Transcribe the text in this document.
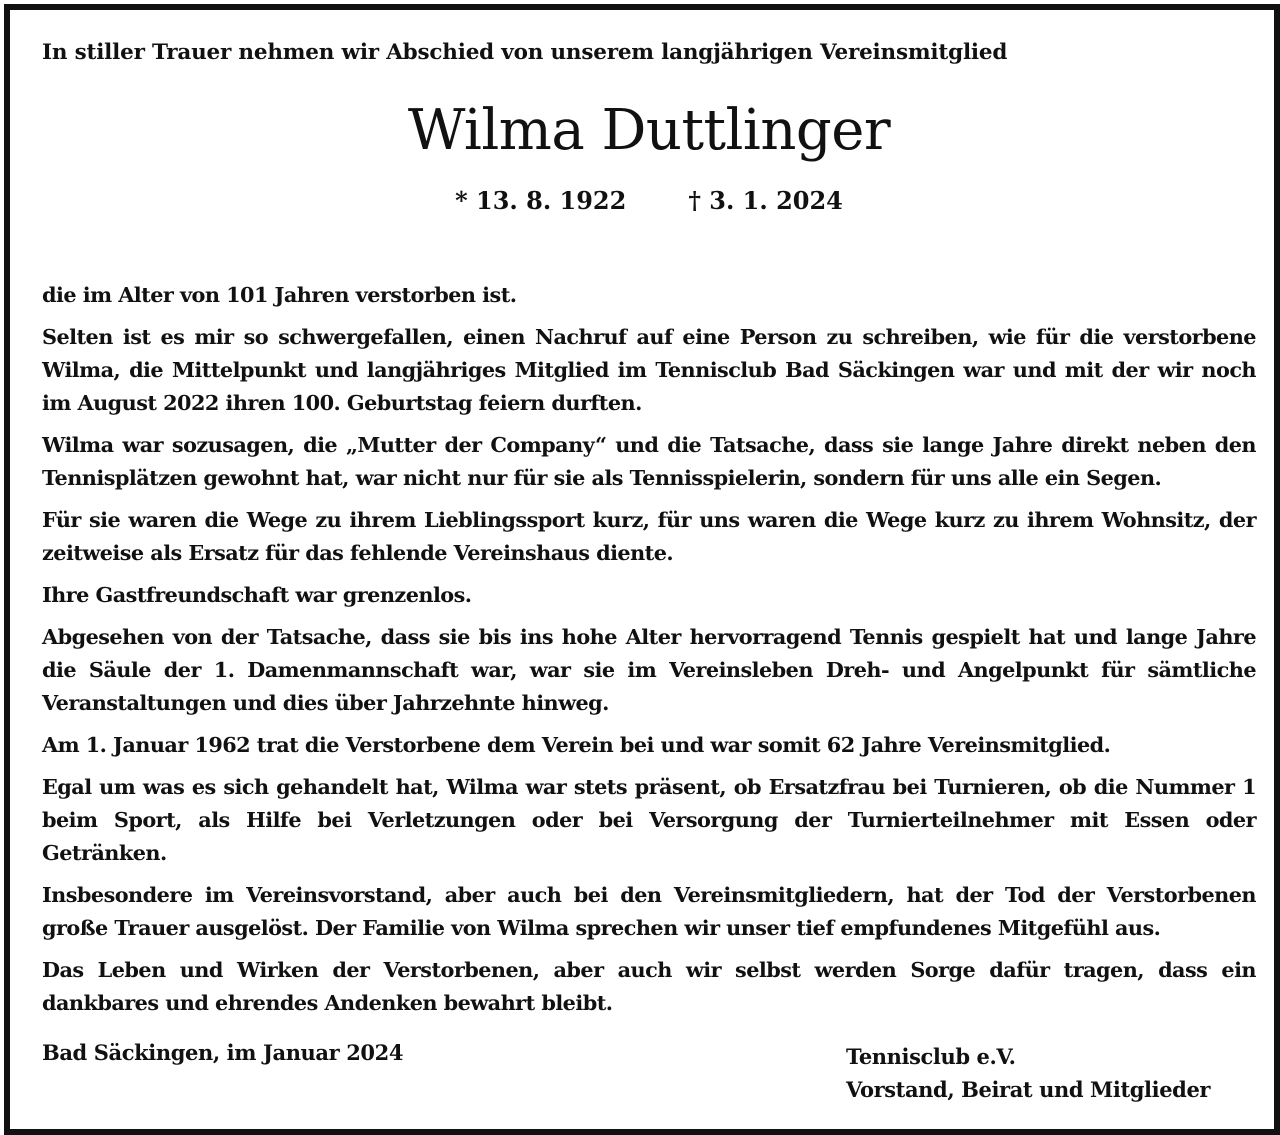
In stiller Trauer nehmen wir Abschied von unserem langjährigen Vereinsmitglied
Wilma Duttlinger
* 13. 8. 1922	† 3. 1. 2024

die im Alter von 101 Jahren verstorben ist.

Selten ist es mir so schwergefallen, einen Nachruf auf eine Person zu schreiben, wie für die verstorbene Wilma, die Mittelpunkt und langjähriges Mitglied im Tennisclub Bad Säckingen war und mit der wir noch im August 2022 ihren 100. Geburtstag feiern durften.

Wilma war sozusagen, die „Mutter der Company“ und die Tatsache, dass sie lange Jahre direkt neben den Tennisplätzen gewohnt hat, war nicht nur für sie als Tennisspielerin, sondern für uns alle ein Segen.

Für sie waren die Wege zu ihrem Lieblingssport kurz, für uns waren die Wege kurz zu ihrem Wohnsitz, der zeitweise als Ersatz für das fehlende Vereinshaus diente.

Ihre Gastfreundschaft war grenzenlos.

Abgesehen von der Tatsache, dass sie bis ins hohe Alter hervorragend Tennis gespielt hat und lange Jahre die Säule der 1. Damenmannschaft war, war sie im Vereinsleben Dreh- und Angelpunkt für sämtliche Veranstaltungen und dies über Jahrzehnte hinweg.

Am 1. Januar 1962 trat die Verstorbene dem Verein bei und war somit 62 Jahre Vereinsmitglied.

Egal um was es sich gehandelt hat, Wilma war stets präsent, ob Ersatzfrau bei Turnieren, ob die Nummer 1 beim Sport, als Hilfe bei Verletzungen oder bei Versorgung der Turnierteilnehmer mit Essen oder Getränken.

Insbesondere im Vereinsvorstand, aber auch bei den Vereinsmitgliedern, hat der Tod der Verstorbenen große Trauer ausgelöst. Der Familie von Wilma sprechen wir unser tief empfundenes Mitgefühl aus.

Das Leben und Wirken der Verstorbenen, aber auch wir selbst werden Sorge dafür tragen, dass ein dankbares und ehrendes Andenken bewahrt bleibt.

Bad Säckingen, im Januar 2024	Tennisclub e.V.
Vorstand, Beirat und Mitglieder
